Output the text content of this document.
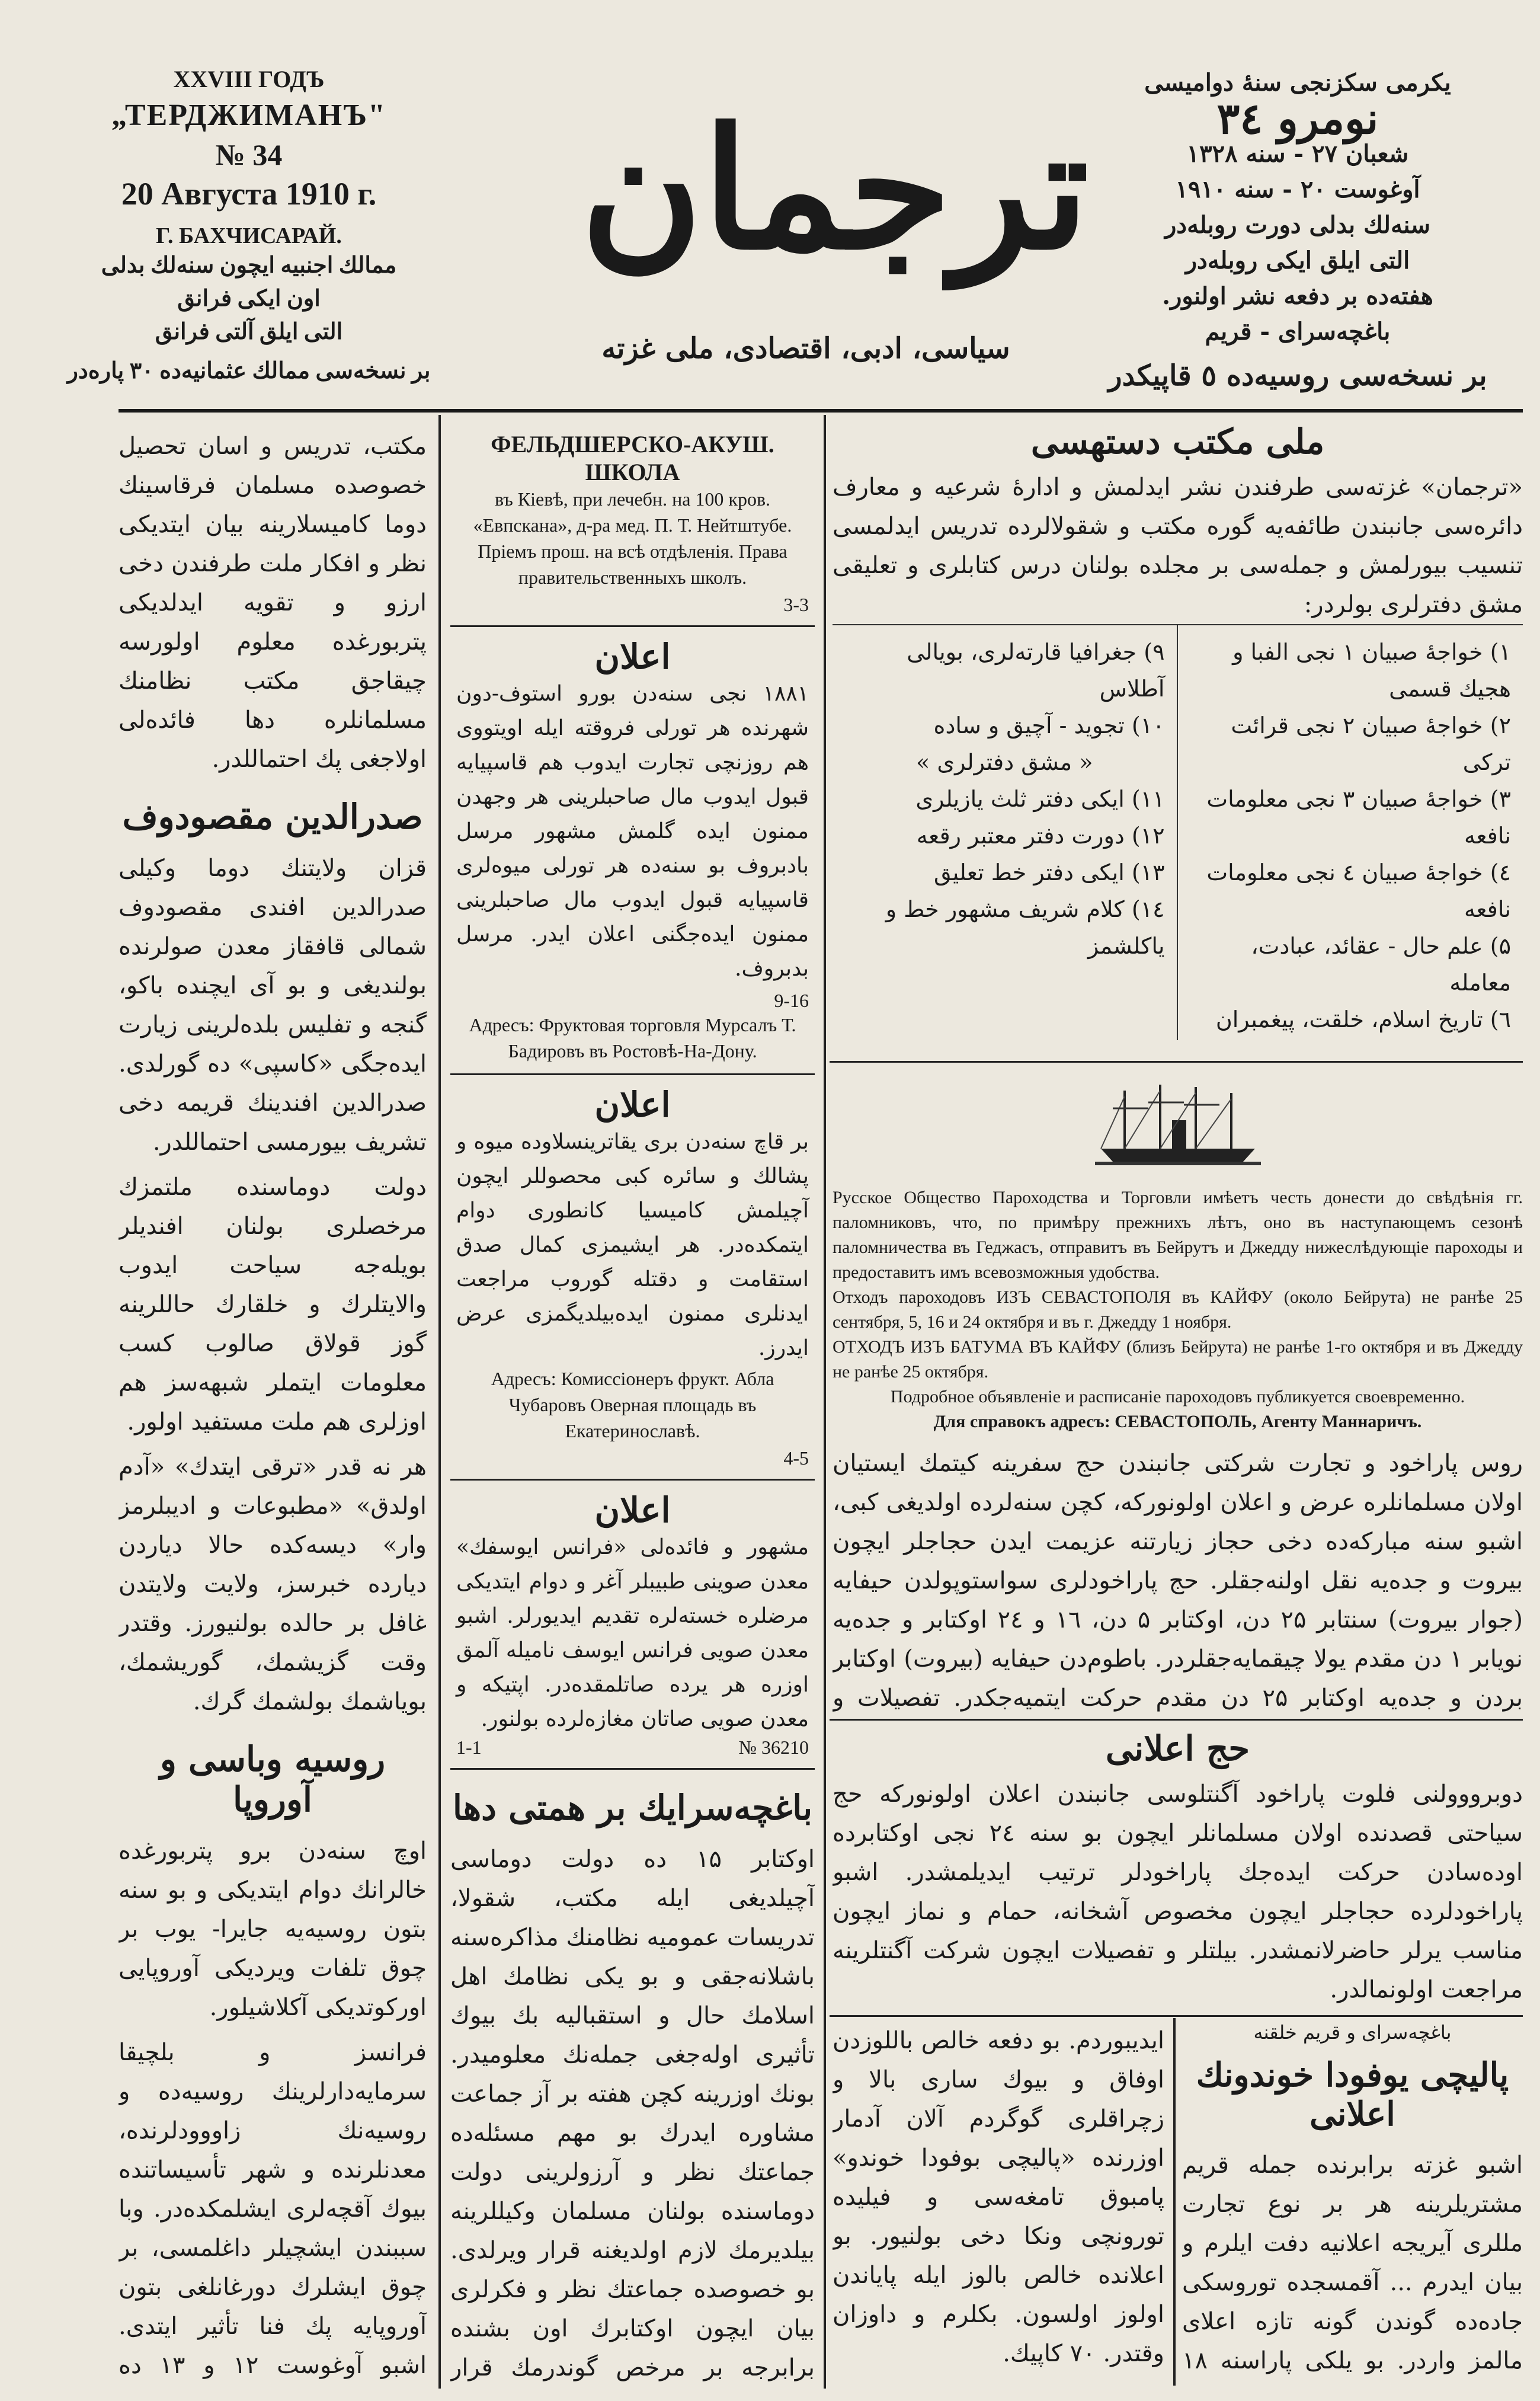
XXVIII ГОДЪ
„ТЕРДЖИМАНЪ"
№ 34
20 Августа 1910 г.
Г. БАХЧИСАРАЙ.
ممالك اجنبيه ايچون سنه‌لك بدلى
اون ايكى فرانق
التى ايلق آلتى فرانق
بر نسخه‌سى ممالك عثمانيه‌ده ۳۰ پاره‌در
ترجمان
سياسى، ادبى، اقتصادى، ملى غزته
يكرمى سكزنجى سنهٔ دواميسى
نومرو ۳٤
شعبان ۲۷ - سنه ۱۳۲۸
آوغوست ۲۰ - سنه ۱۹۱۰
سنه‌لك بدلى دورت روبله‌در
التى ايلق ايكى روبله‌در
هفته‌ده بر دفعه نشر اولنور.
باغچه‌سراى - قريم
بر نسخه‌سى روسيه‌ده ٥ قاپيكدر
مكتب، تدريس و اسان تحصيل خصوصده مسلمان فرقاسينك دوما كاميسلارينه بيان ايتديكى نظر و افكار ملت طرفندن دخى ارزو و تقويه ايدلديكى پتربورغده معلوم اولورسه چيقاجق مكتب نظامنك مسلمانلره دها فائده‌لى اولاجغى پك احتماللدر.
صدرالدين مقصودوف
قزان ولايتنك دوما وكيلى صدرالدين افندى مقصودوف شمالى قافقاز معدن صولرنده بولنديغى و بو آى ايچنده باكو، گنجه و تفليس بلده‌لرينى زيارت ايده‌جگى «كاسپى» ده گورلدى. صدرالدين افندينك قريمه دخى تشريف بيورمسى احتماللدر.
دولت دوماسنده ملتمزك مرخصلرى بولنان افنديلر بويله‌جه سياحت ايدوب والايتلرك و خلقارك حاللرينه گوز قولاق صالوب كسب معلومات ايتملر شبهه‌سز هم اوزلرى هم ملت مستفيد اولور.
هر نه قدر «ترقى ايتدك» «آدم اولدق» «مطبوعات و اديبلرمز وار» ديسه‌كده حالا دياردن ديارده خبرسز، ولايت ولايتدن غافل بر حالده بولنيورز. وقتدر وقت گزيشمك، گوريشمك، بوياشمك بولشمك گرك.
روسيه وباسى و آوروپا
اوچ سنه‌دن برو پتربورغده خالرانك دوام ايتديكى و بو سنه بتون روسيه‌يه جايرا- يوب بر چوق تلفات ويرديكى آوروپايى اوركوتديكى آكلاشيلور.
فرانسز و بلچيقا سرمايه‌دارلرينك روسيه‌ده و روسيه‌نك زاووودلرنده، معدنلرنده و شهر تأسيساتنده بيوك آقچه‌لرى ايشلمكده‌در. وبا سببندن ايشچيلر داغلمسى، بر چوق ايشلرك دورغانلغى بتون آوروپايه پك فنا تأثير ايتدى. اشبو آوغوست ۱۲ و ۱۳ ده
ФЕЛЬДШЕРСКО-АКУШ. ШКОЛА
въ Кіевѣ, при лечебн. на 100 кров. «Евпскана», д-ра мед. П. Т. Нейтштубе. Пріемъ прош. на всѣ отдѣленія. Права правительственныхъ школъ.
3-3
اعلان
۱۸۸۱ نجى سنه‌دن بورو استوف-دون شهرنده هر تورلى فروقته ايله اويتووى هم روزنچى تجارت ايدوب هم قاسپيايه قبول ايدوب مال صاحبلرينى هر وجهدن ممنون ايده گلمش مشهور مرسل بادبروف بو سنه‌ده هر تورلى ميوه‌لرى قاسپيايه قبول ايدوب مال صاحبلرينى ممنون ايده‌جگنى اعلان ايدر. مرسل بدبروف.
9-16
Адресъ: Фруктовая торговля Мурсалъ Т. Бадировъ въ Ростовѣ-На-Дону.
اعلان
بر قاچ سنه‌دن برى يقاترينسلاوده ميوه و پشالك و سائره كبى محصوللر ايچون آچيلمش كاميسيا كانطورى دوام ايتمكده‌در. هر ايشيمزى كمال صدق استقامت و دقتله گوروب مراجعت ايدنلرى ممنون ايده‌بيلديگمزى عرض ايدرز.
Адресъ: Комиссіонеръ фрукт. Абла Чубаровъ Оверная площадь въ Екатеринославѣ.
4-5
اعلان
مشهور و فائده‌لى «فرانس ايوسفك» معدن صوينى طبيبلر آغر و دوام ايتديكى مرضلره خسته‌لره تقديم ايديورلر. اشبو معدن صويى فرانس ايوسف ناميله آلمق اوزره هر يرده صاتلمقده‌در. اپتيكه و معدن صويى صاتان مغازه‌لرده بولنور.
1-1	№ 36210
باغچه‌سرايك بر همتى دها
اوكتابر ۱۵ ده دولت دوماسى آچيلديغى ايله مكتب، شقولا، تدريسات عموميه نظامنك مذاكره‌سنه باشلانه‌جقى و بو يكى نظامك اهل اسلامك حال و استقباليه بك بيوك تأثيرى اوله‌جغى جمله‌نك معلوميدر. بونك اوزرينه كچن هفته بر آز جماعت مشاوره ايدرك بو مهم مسئله‌ده جماعتك نظر و آرزولرينى دولت دوماسنده بولنان مسلمان وكيللرينه بيلديرمك لازم اولديغنه قرار ويرلدى. بو خصوصده جماعتك نظر و فكرلرى بيان ايچون اوكتابرك اون بشنده برابرجه بر مرخص گوندرمك قرار
ملى مكتب دستهسى
«ترجمان» غزته‌سى طرفندن نشر ايدلمش و ادارهٔ شرعيه و معارف دائره‌سى جانبندن طائفه‌يه گوره مكتب و شقولالرده تدريس ايدلمسى تنسيب بيورلمش و جمله‌سى بر مجلده بولنان درس كتابلرى و تعليقى مشق دفترلرى بولردر:
۱) خواجهٔ صبيان ۱ نجى الفبا و هجيك قسمى
۲) خواجهٔ صبيان ۲ نجى قرائت تركى
۳) خواجهٔ صبيان ۳ نجى معلومات نافعه
٤) خواجهٔ صبيان ٤ نجى معلومات نافعه
۵) علم حال - عقائد، عبادت، معامله
٦) تاريخ اسلام، خلقت، پيغمبران
۹) جغرافيا قارته‌لرى، بويالى آطلاس
۱۰) تجويد - آچيق و ساده
« مشق دفترلرى »
۱۱) ايكى دفتر ثلث يازيلرى
۱۲) دورت دفتر معتبر رقعه
۱۳) ايكى دفتر خط تعليق
۱٤) كلام شريف مشهور خط و ياكلشمز
Русское Общество Пароходства и Торговли имѣетъ честь донести до свѣдѣнія гг. паломниковъ, что, по примѣру прежнихъ лѣтъ, оно въ наступающемъ сезонѣ паломничества въ Геджасъ, отправитъ въ Бейрутъ и Джедду нижеслѣдующіе пароходы и предоставитъ имъ всевозможныя удобства.
Отходъ пароходовъ ИЗЪ СЕВАСТОПОЛЯ въ КАЙФУ (около Бейрута) не ранѣе 25 сентября, 5, 16 и 24 октября и въ г. Джедду 1 ноября.
ОТХОДЪ ИЗЪ БАТУМА ВЪ КАЙФУ (близъ Бейрута) не ранѣе 1-го октября и въ Джедду не ранѣе 25 октября.
Подробное объявленіе и расписаніе пароходовъ публикуется своевременно.
Для справокъ адресъ: СЕВАСТОПОЛЬ, Агенту Маннаричъ.
روس پاراخود و تجارت شركتى جانبندن حج سفرينه كيتمك ايستيان اولان مسلمانلره عرض و اعلان اولونوركه، كچن سنه‌لرده اولديغى كبى، اشبو سنه مباركه‌ده دخى حجاز زيارتنه عزيمت ايدن حجاجلر ايچون بيروت و جده‌يه نقل اولنه‌جقلر. حج پاراخودلرى سواستوپولدن حيفايه (جوار بيروت) سنتابر ۲۵ دن، اوكتابر ۵ دن، ۱٦ و ۲٤ اوكتابر و جده‌يه نويابر ۱ دن مقدم يولا چيقمايه‌جقلردر. باطوم‌دن حيفايه (بيروت) اوكتابر بردن و جده‌يه اوكتابر ۲۵ دن مقدم حركت ايتميه‌جكدر. تفصيلات و
حج اعلانى
دوبرووولنى فلوت پاراخود آگنتلوسى جانبندن اعلان اولونوركه حج سياحتى قصدنده اولان مسلمانلر ايچون بو سنه ۲٤ نجى اوكتابرده اوده‌سادن حركت ايده‌جك پاراخودلر ترتيب ايديلمشدر. اشبو پاراخودلرده حجاجلر ايچون مخصوص آشخانه، حمام و نماز ايچون مناسب يرلر حاضرلانمشدر. بيلتلر و تفصيلات ايچون شركت آگنتلرينه مراجعت اولونمالدر.
ايديبوردم. بو دفعه خالص باللوزدن اوفاق و بيوك سارى بالا و زچراقلرى گوگردم آلان آدمار اوزرنده «پاليچى بوفودا خوندو» پامبوق تامغه‌سى و فيليده تورونچى ونكا دخى بولنيور. بو اعلانده خالص بالوز ايله پاياندن اولوز اولسون. بكلرم و داوزان وقتدر. ۷۰ كاپيك.
باغچه‌سراى و قريم خلقنه
پاليچى يوفودا خوندونك اعلانى
اشبو غزته برابرنده جمله قريم مشتريلرينه هر بر نوع تجارت مللرى آيريجه اعلانيه دفت ايلرم و بيان ايدرم ... آقمسجده توروسكى جاده‌ده گوندن گونه تازه اعلاى مالمز واردر. بو يلكى پاراسنه ۱۸
